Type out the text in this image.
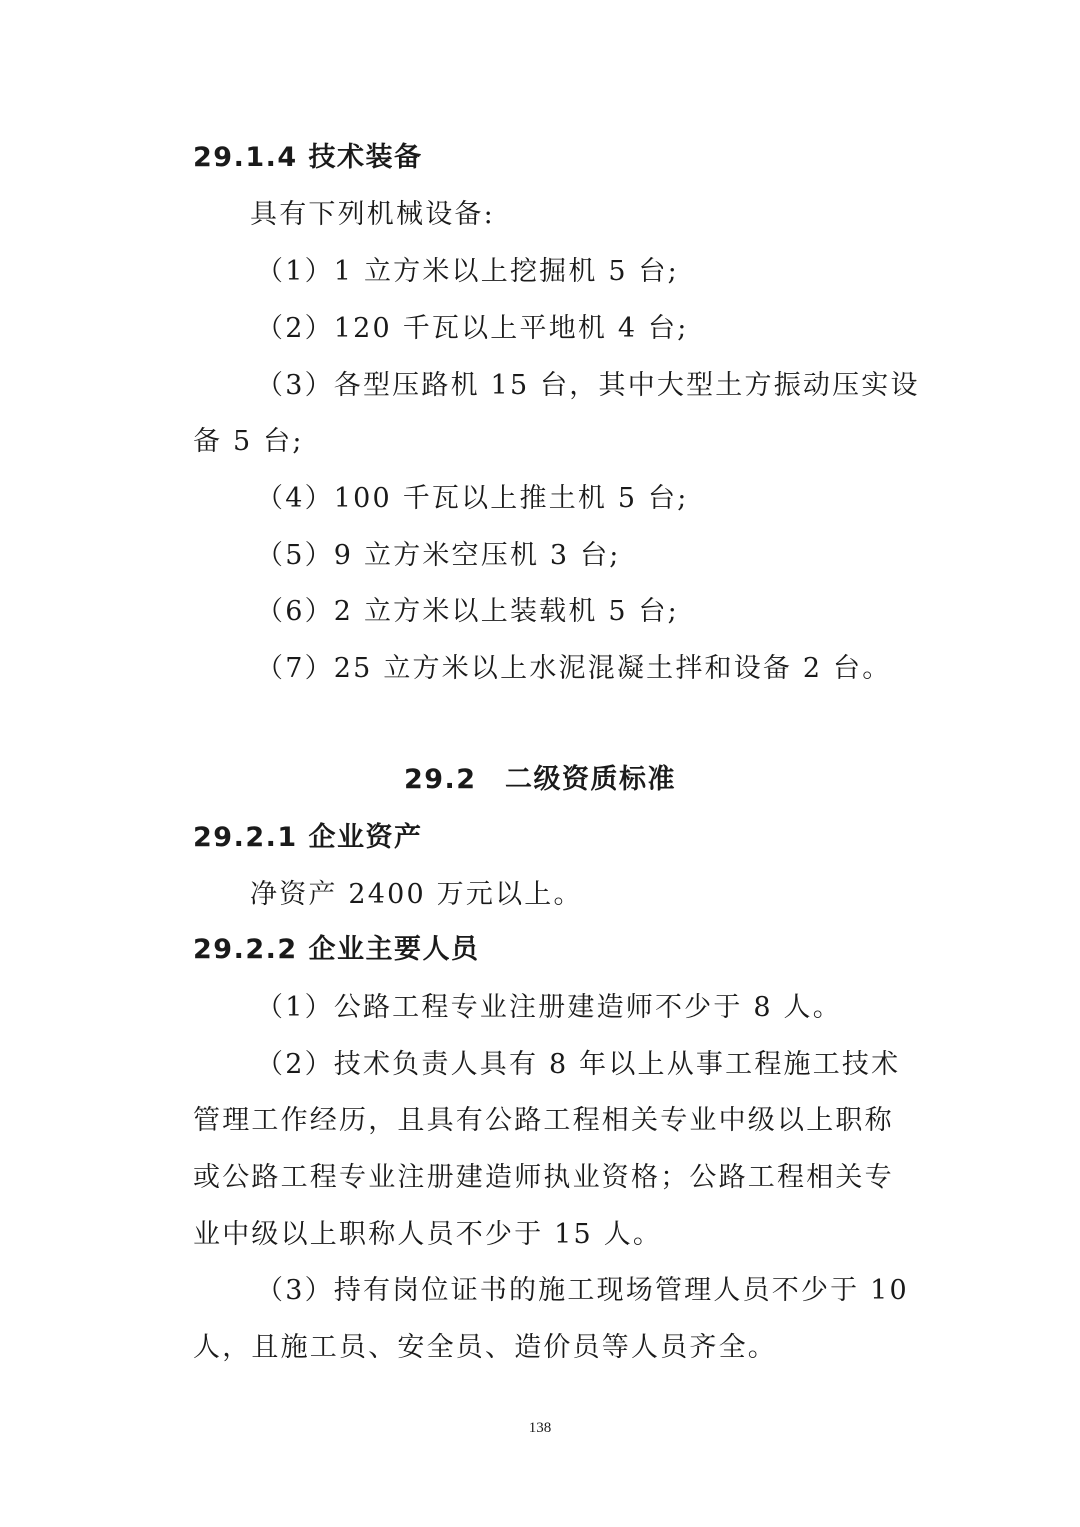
29.1.4 技术装备
具有下列机械设备:
（1）1 立方米以上挖掘机 5 台;
（2）120 千瓦以上平地机 4 台;
（3）各型压路机 15 台，其中大型土方振动压实设
备 5 台;
（4）100 千瓦以上推土机 5 台;
（5）9 立方米空压机 3 台;
（6）2 立方米以上装载机 5 台;
（7）25 立方米以上水泥混凝土拌和设备 2 台。
29.2　二级资质标准
29.2.1 企业资产
净资产 2400 万元以上。
29.2.2 企业主要人员
（1）公路工程专业注册建造师不少于 8 人。
（2）技术负责人具有 8 年以上从事工程施工技术
管理工作经历，且具有公路工程相关专业中级以上职称
或公路工程专业注册建造师执业资格；公路工程相关专
业中级以上职称人员不少于 15 人。
（3）持有岗位证书的施工现场管理人员不少于 10
人，且施工员、安全员、造价员等人员齐全。
138
